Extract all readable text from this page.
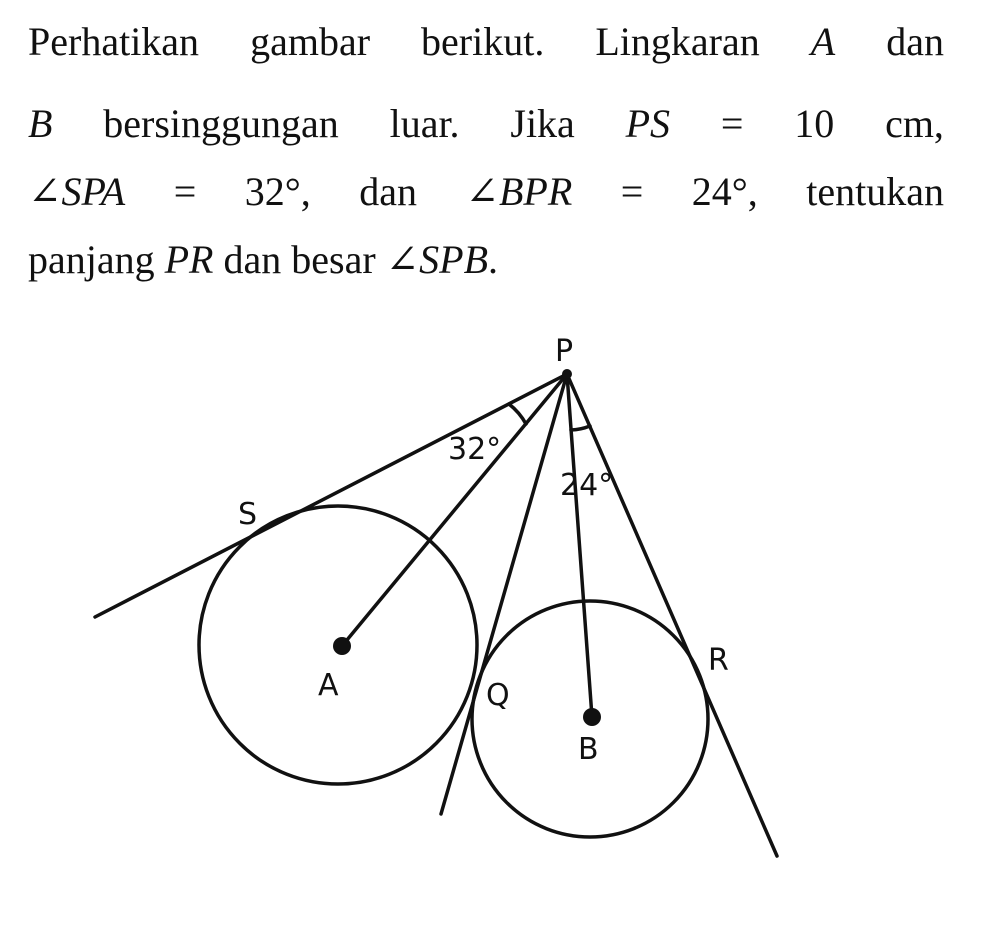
Perhatikan gambar berikut. Lingkaran A dan
B bersinggungan luar. Jika PS = 10 cm,
∠SPA = 32°, dan ∠BPR = 24°, tentukan
panjang PR dan besar ∠SPB.
P
S
A	Q
B
R
32°
24°
